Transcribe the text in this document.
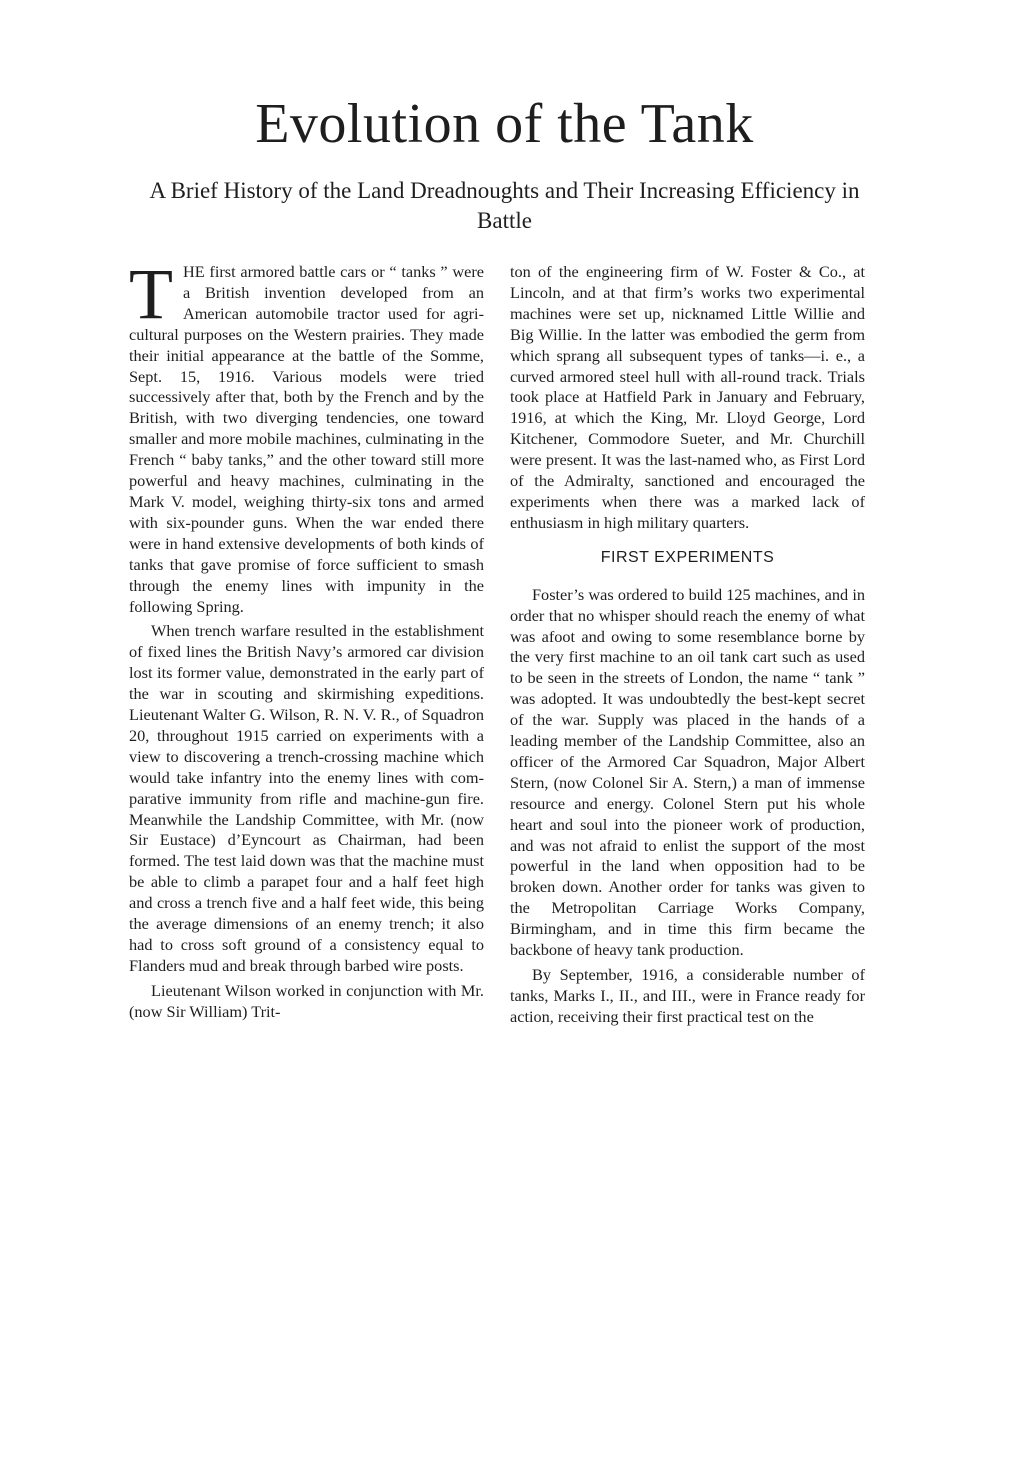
Evolution of the Tank
A Brief History of the Land Dreadnoughts and Their Increasing Efficiency in Battle

THE first armored battle cars or “ tanks ” were a British invention developed from an American automobile tractor used for agricultural purposes on the Western prairies. They made their initial appearance at the battle of the Somme, Sept. 15, 1916. Various models were tried successively after that, both by the French and by the British, with two diverging tendencies, one toward smaller and more mobile machines, culminating in the French “ baby tanks,” and the other toward still more powerful and heavy machines, culminating in the Mark V. model, weighing thirty-six tons and armed with six-pounder guns. When the war ended there were in hand extensive developments of both kinds of tanks that gave promise of force sufficient to smash through the enemy lines with impunity in the following Spring.

When trench warfare resulted in the establishment of fixed lines the British Navy’s armored car division lost its former value, demonstrated in the early part of the war in scouting and skirmishing expeditions. Lieutenant Walter G. Wilson, R. N. V. R., of Squadron 20, throughout 1915 carried on experiments with a view to discovering a trench-crossing machine which would take infantry into the enemy lines with comparative immunity from rifle and machine-gun fire. Meanwhile the Landship Committee, with Mr. (now Sir Eustace) d’Eyncourt as Chairman, had been formed. The test laid down was that the machine must be able to climb a parapet four and a half feet high and cross a trench five and a half feet wide, this being the average dimensions of an enemy trench; it also had to cross soft ground of a consistency equal to Flanders mud and break through barbed wire posts.

Lieutenant Wilson worked in conjunction with Mr. (now Sir William) Trit-

ton of the engineering firm of W. Foster & Co., at Lincoln, and at that firm’s works two experimental machines were set up, nicknamed Little Willie and Big Willie. In the latter was embodied the germ from which sprang all subsequent types of tanks—i. e., a curved armored steel hull with all-round track. Trials took place at Hatfield Park in January and February, 1916, at which the King, Mr. Lloyd George, Lord Kitchener, Commodore Sueter, and Mr. Churchill were present. It was the last-named who, as First Lord of the Admiralty, sanctioned and encouraged the experiments when there was a marked lack of enthusiasm in high military quarters.

FIRST EXPERIMENTS

Foster’s was ordered to build 125 machines, and in order that no whisper should reach the enemy of what was afoot and owing to some resemblance borne by the very first machine to an oil tank cart such as used to be seen in the streets of London, the name “ tank ” was adopted. It was undoubtedly the best-kept secret of the war. Supply was placed in the hands of a leading member of the Landship Committee, also an officer of the Armored Car Squadron, Major Albert Stern, (now Colonel Sir A. Stern,) a man of immense resource and energy. Colonel Stern put his whole heart and soul into the pioneer work of production, and was not afraid to enlist the support of the most powerful in the land when opposition had to be broken down. Another order for tanks was given to the Metropolitan Carriage Works Company, Birmingham, and in time this firm became the backbone of heavy tank production.

By September, 1916, a considerable number of tanks, Marks I., II., and III., were in France ready for action, receiving their first practical test on the
